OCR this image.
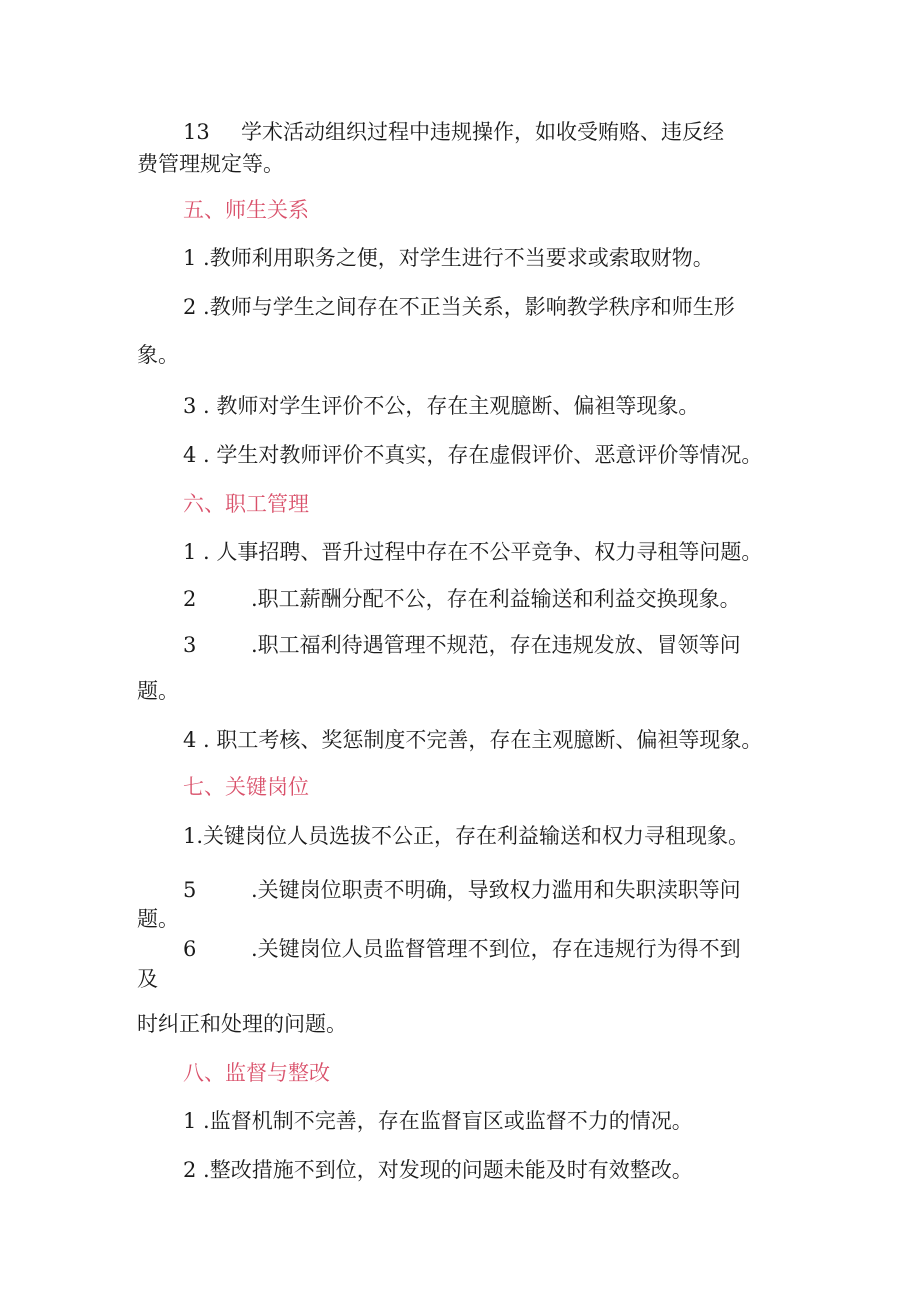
13 学术活动组织过程中违规操作，如收受贿赂、违反经

费管理规定等。

五、师生关系

1 .教师利用职务之便，对学生进行不当要求或索取财物。

2 .教师与学生之间存在不正当关系，影响教学秩序和师生形

象。

3 . 教师对学生评价不公，存在主观臆断、偏袒等现象。

4 . 学生对教师评价不真实，存在虚假评价、恶意评价等情况。

六、职工管理

1 . 人事招聘、晋升过程中存在不公平竞争、权力寻租等问题。

2	.职工薪酬分配不公，存在利益输送和利益交换现象。

3	.职工福利待遇管理不规范，存在违规发放、冒领等问

题。

4 . 职工考核、奖惩制度不完善，存在主观臆断、偏袒等现象。

七、关键岗位

1.关键岗位人员选拔不公正，存在利益输送和权力寻租现象。

5	.关键岗位职责不明确，导致权力滥用和失职渎职等问

题。

6	.关键岗位人员监督管理不到位，存在违规行为得不到

及

时纠正和处理的问题。

八、监督与整改

1 .监督机制不完善，存在监督盲区或监督不力的情况。

2 .整改措施不到位，对发现的问题未能及时有效整改。
